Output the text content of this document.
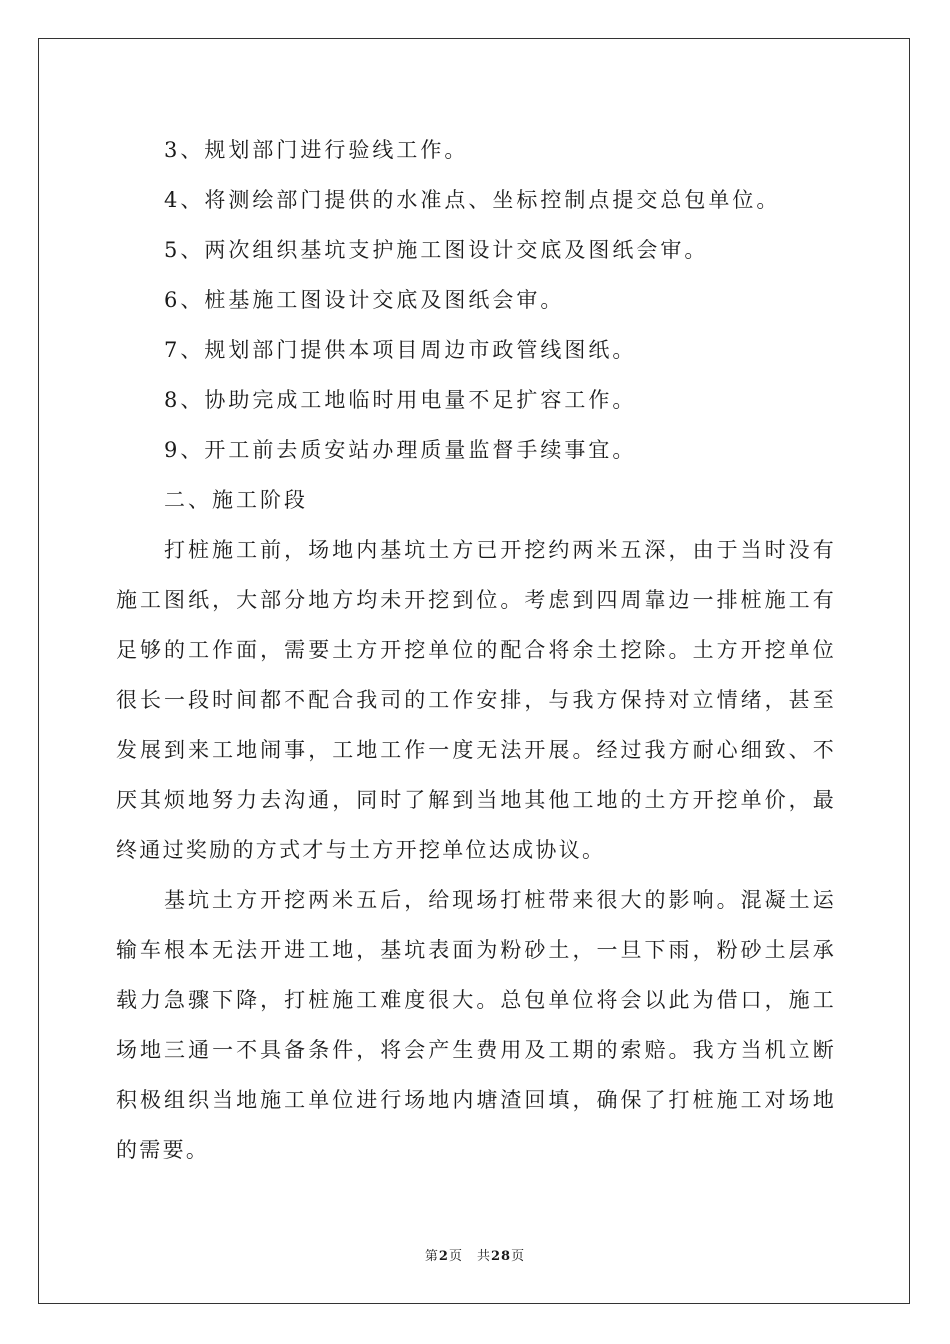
3、规划部门进行验线工作。
4、将测绘部门提供的水准点、坐标控制点提交总包单位。
5、两次组织基坑支护施工图设计交底及图纸会审。
6、桩基施工图设计交底及图纸会审。
7、规划部门提供本项目周边市政管线图纸。
8、协助完成工地临时用电量不足扩容工作。
9、开工前去质安站办理质量监督手续事宜。
二、施工阶段

打桩施工前，场地内基坑土方已开挖约两米五深，由于当时没有施工图纸，大部分地方均未开挖到位。考虑到四周靠边一排桩施工有足够的工作面，需要土方开挖单位的配合将余土挖除。土方开挖单位很长一段时间都不配合我司的工作安排，与我方保持对立情绪，甚至发展到来工地闹事，工地工作一度无法开展。经过我方耐心细致、不厌其烦地努力去沟通，同时了解到当地其他工地的土方开挖单价，最终通过奖励的方式才与土方开挖单位达成协议。

基坑土方开挖两米五后，给现场打桩带来很大的影响。混凝土运输车根本无法开进工地，基坑表面为粉砂土，一旦下雨，粉砂土层承载力急骤下降，打桩施工难度很大。总包单位将会以此为借口，施工场地三通一不具备条件，将会产生费用及工期的索赔。我方当机立断积极组织当地施工单位进行场地内塘渣回填，确保了打桩施工对场地的需要。

第2页　共28页
